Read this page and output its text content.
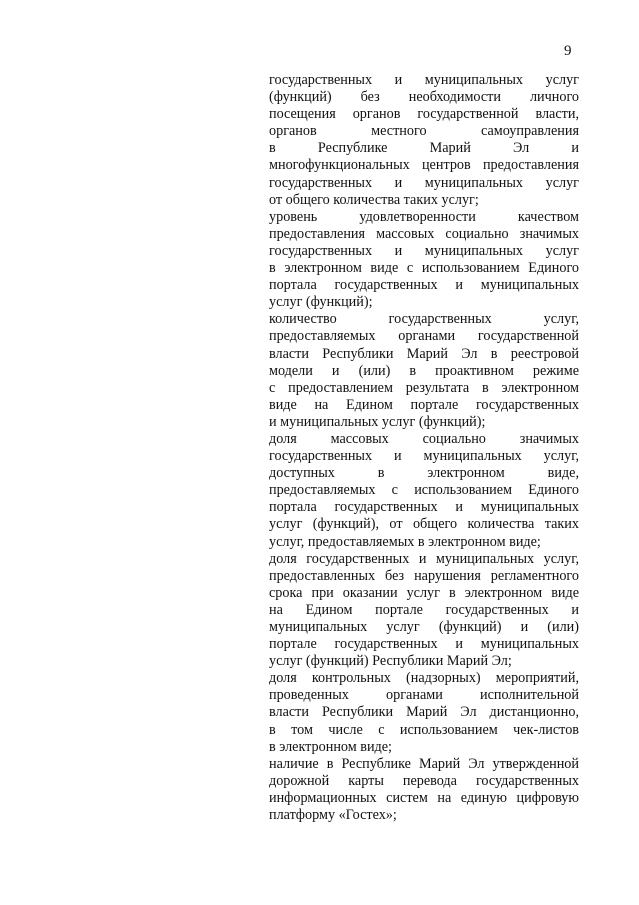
9
государственных и муниципальных услуг
(функций) без необходимости личного
посещения органов государственной власти,
органов местного самоуправления
в Республике Марий Эл и
многофункциональных центров предоставления
государственных и муниципальных услуг
от общего количества таких услуг;
уровень удовлетворенности качеством
предоставления массовых социально значимых
государственных и муниципальных услуг
в электронном виде с использованием Единого
портала государственных и муниципальных
услуг (функций);
количество государственных услуг,
предоставляемых органами государственной
власти Республики Марий Эл в реестровой
модели и (или) в проактивном режиме
с предоставлением результата в электронном
виде на Едином портале государственных
и муниципальных услуг (функций);
доля массовых социально значимых
государственных и муниципальных услуг,
доступных в электронном виде,
предоставляемых с использованием Единого
портала государственных и муниципальных
услуг (функций), от общего количества таких
услуг, предоставляемых в электронном виде;
доля государственных и муниципальных услуг,
предоставленных без нарушения регламентного
срока при оказании услуг в электронном виде
на Едином портале государственных и
муниципальных услуг (функций) и (или)
портале государственных и муниципальных
услуг (функций) Республики Марий Эл;
доля контрольных (надзорных) мероприятий,
проведенных органами исполнительной
власти Республики Марий Эл дистанционно,
в том числе с использованием чек-листов
в электронном виде;
наличие в Республике Марий Эл утвержденной
дорожной карты перевода государственных
информационных систем на единую цифровую
платформу «Гостех»;
